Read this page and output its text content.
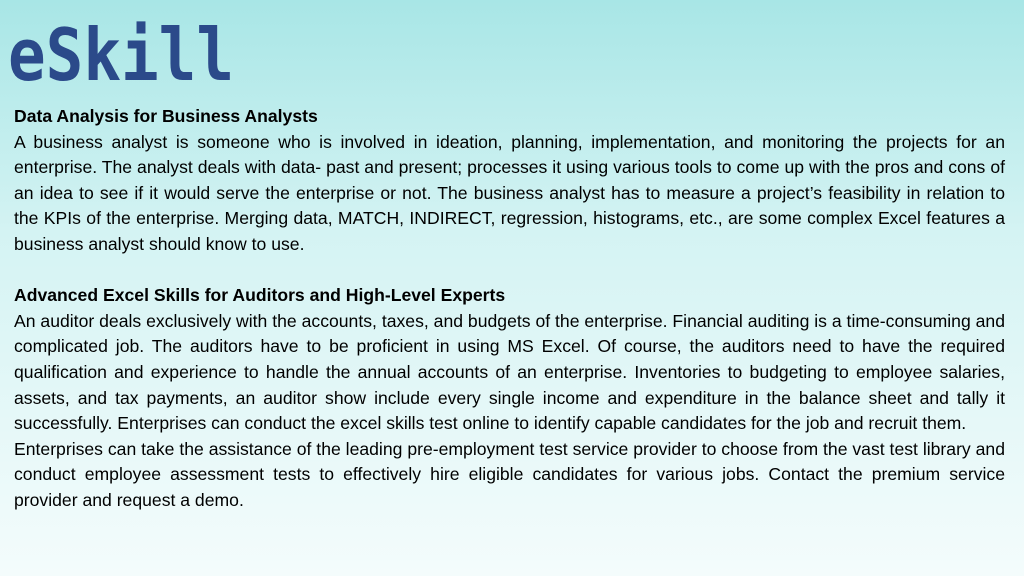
eSkill

Data Analysis for Business Analysts

A business analyst is someone who is involved in ideation, planning, implementation, and monitoring the projects for an enterprise. The analyst deals with data- past and present; processes it using various tools to come up with the pros and cons of an idea to see if it would serve the enterprise or not. The business analyst has to measure a project’s feasibility in relation to the KPIs of the enterprise. Merging data, MATCH, INDIRECT, regression, histograms, etc., are some complex Excel features a business analyst should know to use.

Advanced Excel Skills for Auditors and High-Level Experts

An auditor deals exclusively with the accounts, taxes, and budgets of the enterprise. Financial auditing is a time-consuming and complicated job. The auditors have to be proficient in using MS Excel. Of course, the auditors need to have the required qualification and experience to handle the annual accounts of an enterprise. Inventories to budgeting to employee salaries, assets, and tax payments, an auditor show include every single income and expenditure in the balance sheet and tally it successfully. Enterprises can conduct the excel skills test online to identify capable candidates for the job and recruit them.

Enterprises can take the assistance of the leading pre-employment test service provider to choose from the vast test library and conduct employee assessment tests to effectively hire eligible candidates for various jobs. Contact the premium service provider and request a demo.
